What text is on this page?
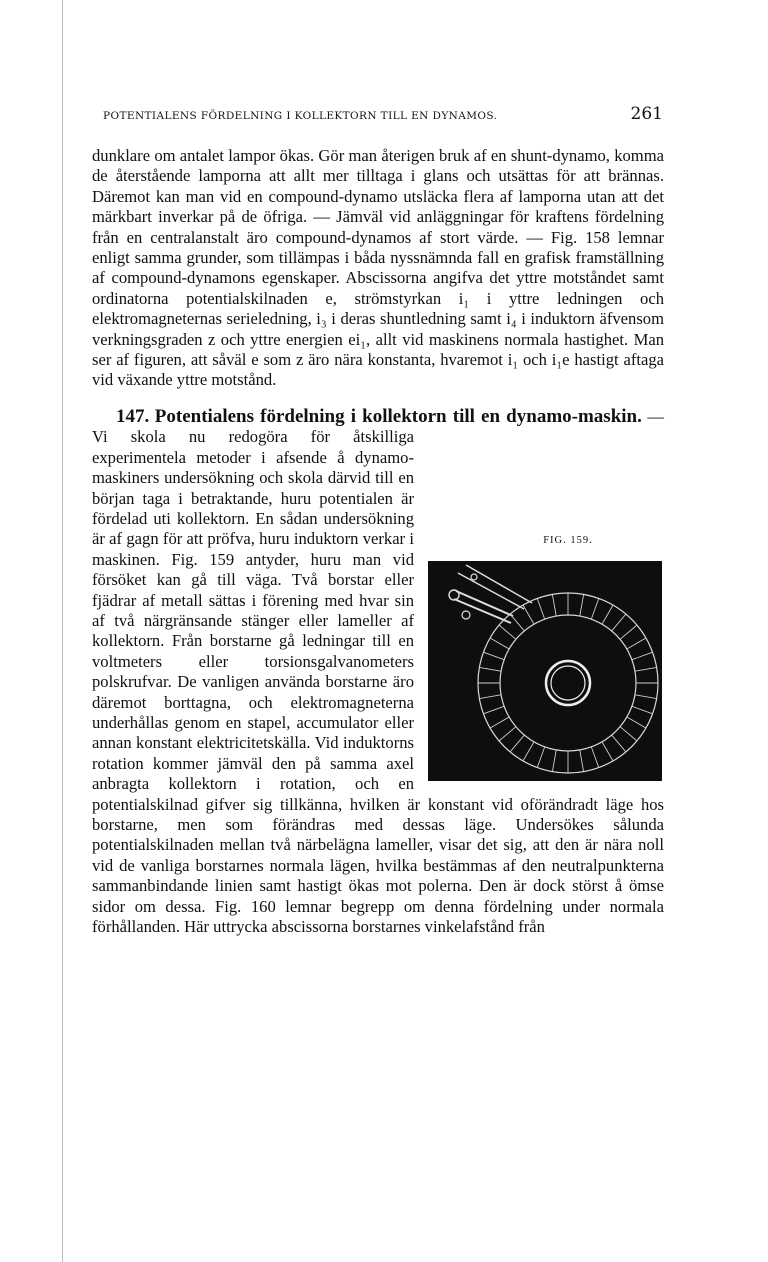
POTENTIALENS FÖRDELNING I KOLLEKTORN TILL EN DYNAMOS.	261

dunklare om antalet lampor ökas. Gör man återigen bruk af en shunt-dynamo, komma de återstående lamporna att allt mer tilltaga i glans och utsättas för att brännas. Däremot kan man vid en compound-dynamo utsläcka flera af lamporna utan att det märkbart inverkar på de öfriga. — Jämväl vid anläggningar för kraftens fördelning från en centralanstalt äro compound-dynamos af stort värde. — Fig. 158 lemnar enligt samma grunder, som tillämpas i båda nyssnämnda fall en grafisk framställning af compound-dynamons egenskaper. Abscissorna angifva det yttre motståndet samt ordinatorna potentialskilnaden e, strömstyrkan i₁ i yttre ledningen och elektromagneternas serieledning, i₃ i deras shuntledning samt i₄ i induktorn äfvensom verkningsgraden z och yttre energien ei₁, allt vid maskinens normala hastighet. Man ser af figuren, att såväl e som z äro nära konstanta, hvaremot i₁ och i₁e hastigt aftaga vid växande yttre motstånd.

147. Potentialens fördelning i kollektorn till en dynamo-maskin.
FIG. 159.
— Vi skola nu redogöra för åtskilliga experimentela metoder i afsende å dynamo-maskiners undersökning och skola därvid till en början taga i betraktande, huru potentialen är fördelad uti kollektorn. En sådan undersökning är af gagn för att pröfva, huru induktorn verkar i maskinen. Fig. 159 antyder, huru man vid försöket kan gå till väga. Två borstar eller fjädrar af metall sättas i förening med hvar sin af två närgränsande stänger eller lameller af kollektorn. Från borstarne gå ledningar till en voltmeters eller torsionsgalvanometers polskrufvar. De vanligen använda borstarne äro däremot borttagna, och elektromagneterna underhållas genom en stapel, accumulator eller annan konstant elektricitetskälla. Vid induktorns rotation kommer jämväl den på samma axel anbragta kollektorn i rotation, och en potentialskilnad gifver sig tillkänna, hvilken är konstant vid oförändradt läge hos borstarne, men som förändras med dessas läge. Undersökes sålunda potentialskilnaden mellan två närbelägna lameller, visar det sig, att den är nära noll vid de vanliga borstarnes normala lägen, hvilka bestämmas af den neutralpunkterna sammanbindande linien samt hastigt ökas mot polerna. Den är dock störst å ömse sidor om dessa. Fig. 160 lemnar begrepp om denna fördelning under normala förhållanden. Här uttrycka abscissorna borstarnes vinkelafstånd från
